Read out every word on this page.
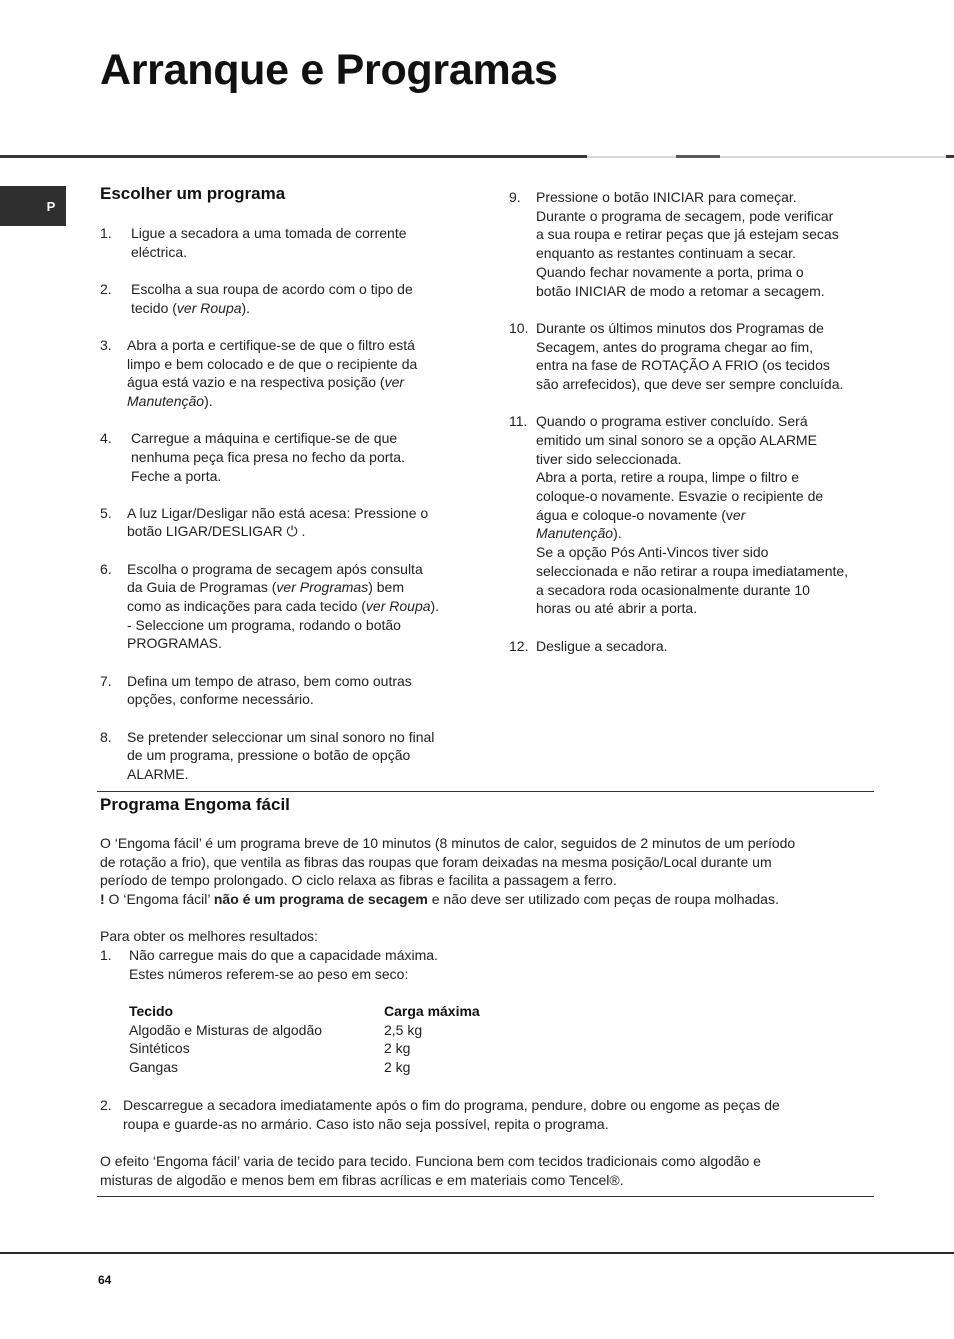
Arranque e Programas
P
Escolher um programa
1. Ligue a secadora a uma tomada de corrente
eléctrica.
2. Escolha a sua roupa de acordo com o tipo de
tecido (ver Roupa).
3. Abra a porta e certifique-se de que o filtro está
limpo e bem colocado e de que o recipiente da
água está vazio e na respectiva posição (ver
Manutenção).
4. Carregue a máquina e certifique-se de que
nenhuma peça fica presa no fecho da porta.
Feche a porta.
5. A luz Ligar/Desligar não está acesa: Pressione o
botão LIGAR/DESLIGAR ⏻ .
6. Escolha o programa de secagem após consulta
da Guia de Programas (ver Programas) bem
como as indicações para cada tecido (ver Roupa).
- Seleccione um programa, rodando o botão
PROGRAMAS.
7. Defina um tempo de atraso, bem como outras
opções, conforme necessário.
8. Se pretender seleccionar um sinal sonoro no final
de um programa, pressione o botão de opção
ALARME.
9. Pressione o botão INICIAR para começar.
Durante o programa de secagem, pode verificar
a sua roupa e retirar peças que já estejam secas
enquanto as restantes continuam a secar.
Quando fechar novamente a porta, prima o
botão INICIAR de modo a retomar a secagem.
10. Durante os últimos minutos dos Programas de
Secagem, antes do programa chegar ao fim,
entra na fase de ROTAÇÃO A FRIO (os tecidos
são arrefecidos), que deve ser sempre concluída.
11. Quando o programa estiver concluído. Será
emitido um sinal sonoro se a opção ALARME
tiver sido seleccionada.
Abra a porta, retire a roupa, limpe o filtro e
coloque-o novamente. Esvazie o recipiente de
água e coloque-o novamente (ver
Manutenção).
Se a opção Pós Anti-Vincos tiver sido
seleccionada e não retirar a roupa imediatamente,
a secadora roda ocasionalmente durante 10
horas ou até abrir a porta.
12. Desligue a secadora.
Programa Engoma fácil

O ‘Engoma fácil’ é um programa breve de 10 minutos (8 minutos de calor, seguidos de 2 minutos de um período
de rotação a frio), que ventila as fibras das roupas que foram deixadas na mesma posição/Local durante um
período de tempo prolongado. O ciclo relaxa as fibras e facilita a passagem a ferro.
! O ‘Engoma fácil’ não é um programa de secagem e não deve ser utilizado com peças de roupa molhadas.

Para obter os melhores resultados:

1.	Não carregue mais do que a capacidade máxima.
Estes números referem-se ao peso em seco:
Tecido	Carga máxima
Algodão e Misturas de algodão	2,5 kg
Sintéticos	2 kg
Gangas	2 kg
2. Descarregue a secadora imediatamente após o fim do programa, pendure, dobre ou engome as peças de
roupa e guarde-as no armário. Caso isto não seja possível, repita o programa.

O efeito ‘Engoma fácil’ varia de tecido para tecido. Funciona bem com tecidos tradicionais como algodão e
misturas de algodão e menos bem em fibras acrílicas e em materiais como Tencel®.

64
